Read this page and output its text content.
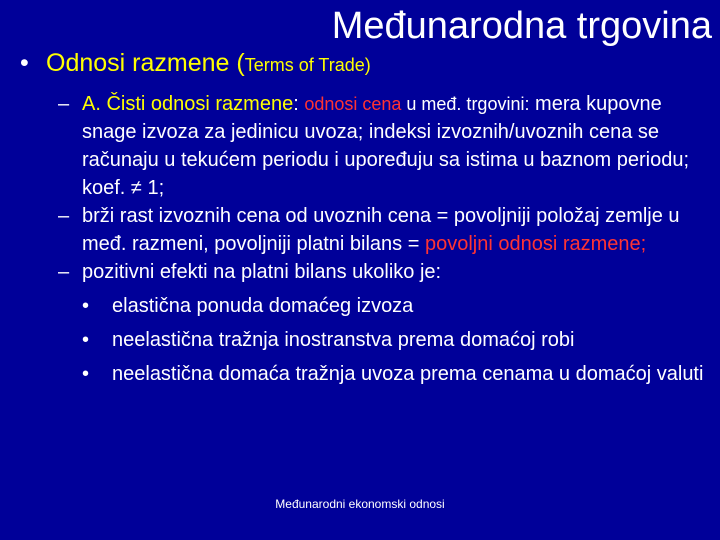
Međunarodna trgovina
• Odnosi razmene (Terms of Trade)
– A. Čisti odnosi razmene: odnosi cena u međ. trgovini: mera kupovne snage izvoza za jedinicu uvoza; indeksi izvoznih/uvoznih cena se računaju u tekućem periodu i upoređuju sa istima u baznom periodu; koef. ≠ 1;
– brži rast izvoznih cena od uvoznih cena = povoljniji položaj zemlje u međ. razmeni, povoljniji platni bilans = povoljni odnosi razmene;
– pozitivni efekti na platni bilans ukoliko je:
• elastična ponuda domaćeg izvoza
• neelastična tražnja inostranstva prema domaćoj robi
• neelastična domaća tražnja uvoza prema cenama u domaćoj valuti
Međunarodni ekonomski odnosi
